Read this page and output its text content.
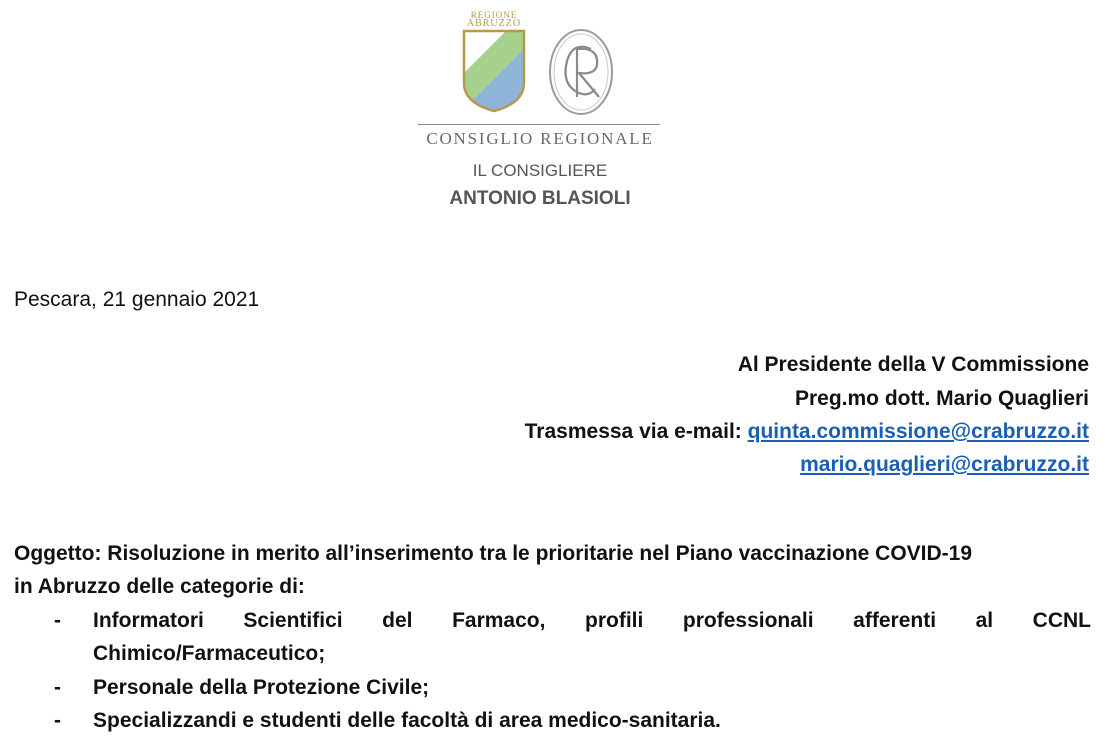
REGIONE
ABRUZZO
CONSIGLIO REGIONALE
IL CONSIGLIERE
ANTONIO BLASIOLI
Pescara, 21 gennaio 2021
Al Presidente della V Commissione
Preg.mo dott. Mario Quaglieri
Trasmessa via e-mail: quinta.commissione@crabruzzo.it
mario.quaglieri@crabruzzo.it
Oggetto: Risoluzione in merito all’inserimento tra le prioritarie nel Piano vaccinazione COVID-19
in Abruzzo delle categorie di:
- Informatori Scientifici del Farmaco, profili professionali afferenti al CCNL
Chimico/Farmaceutico;
- Personale della Protezione Civile;
- Specializzandi e studenti delle facoltà di area medico-sanitaria.
